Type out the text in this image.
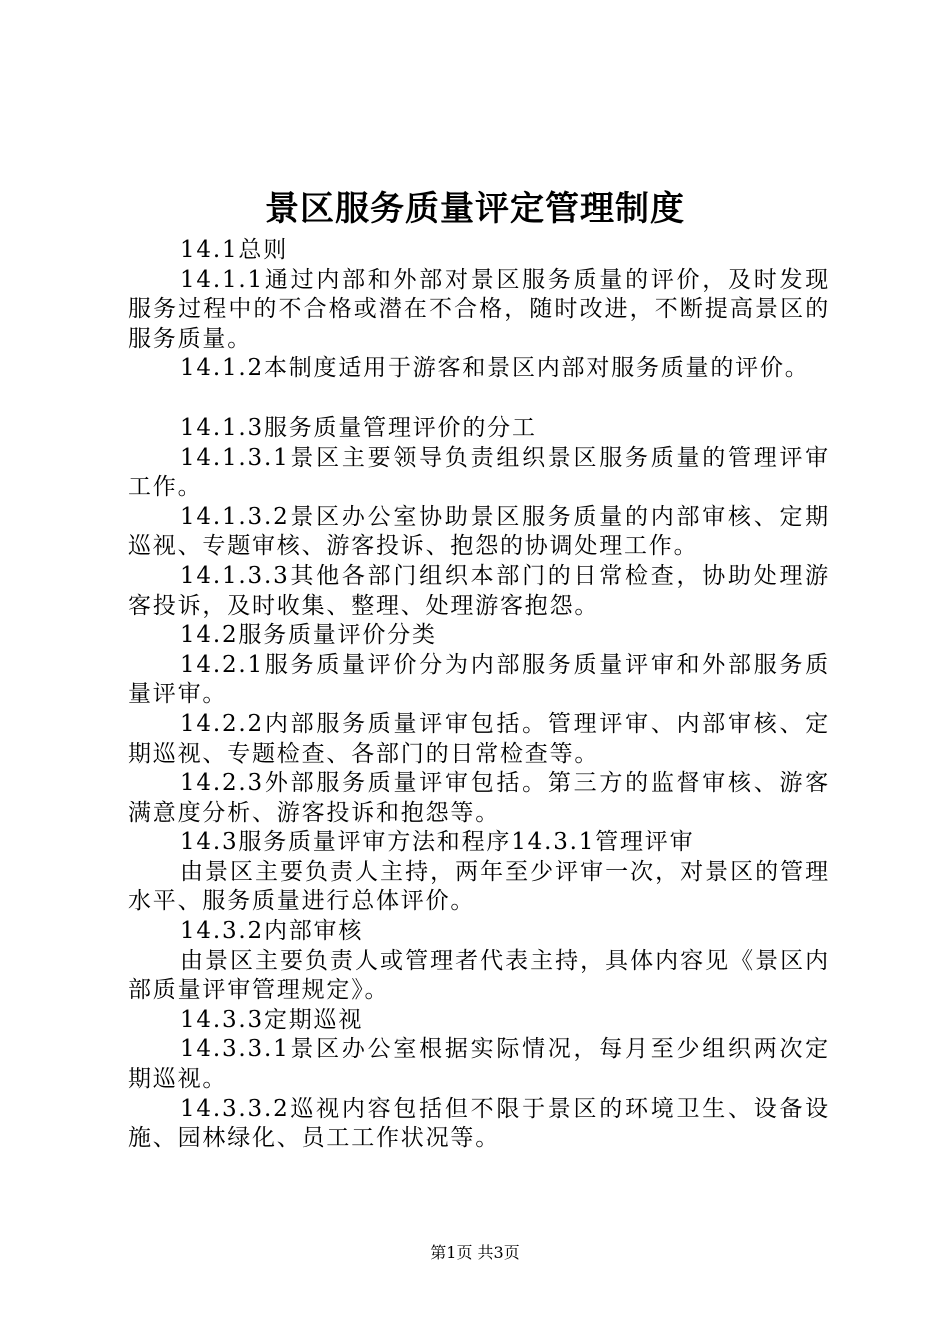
景区服务质量评定管理制度

14.1总则

14.1.1通过内部和外部对景区服务质量的评价，及时发现服务过程中的不合格或潜在不合格，随时改进，不断提高景区的服务质量。

14.1.2本制度适用于游客和景区内部对服务质量的评价。

14.1.3服务质量管理评价的分工

14.1.3.1景区主要领导负责组织景区服务质量的管理评审工作。

14.1.3.2景区办公室协助景区服务质量的内部审核、定期巡视、专题审核、游客投诉、抱怨的协调处理工作。

14.1.3.3其他各部门组织本部门的日常检查，协助处理游客投诉，及时收集、整理、处理游客抱怨。

14.2服务质量评价分类

14.2.1服务质量评价分为内部服务质量评审和外部服务质量评审。

14.2.2内部服务质量评审包括。管理评审、内部审核、定期巡视、专题检查、各部门的日常检查等。

14.2.3外部服务质量评审包括。第三方的监督审核、游客满意度分析、游客投诉和抱怨等。

14.3服务质量评审方法和程序14.3.1管理评审

由景区主要负责人主持，两年至少评审一次，对景区的管理水平、服务质量进行总体评价。

14.3.2内部审核

由景区主要负责人或管理者代表主持，具体内容见《景区内部质量评审管理规定》。

14.3.3定期巡视

14.3.3.1景区办公室根据实际情况，每月至少组织两次定期巡视。

14.3.3.2巡视内容包括但不限于景区的环境卫生、设备设施、园林绿化、员工工作状况等。

第1页 共3页
